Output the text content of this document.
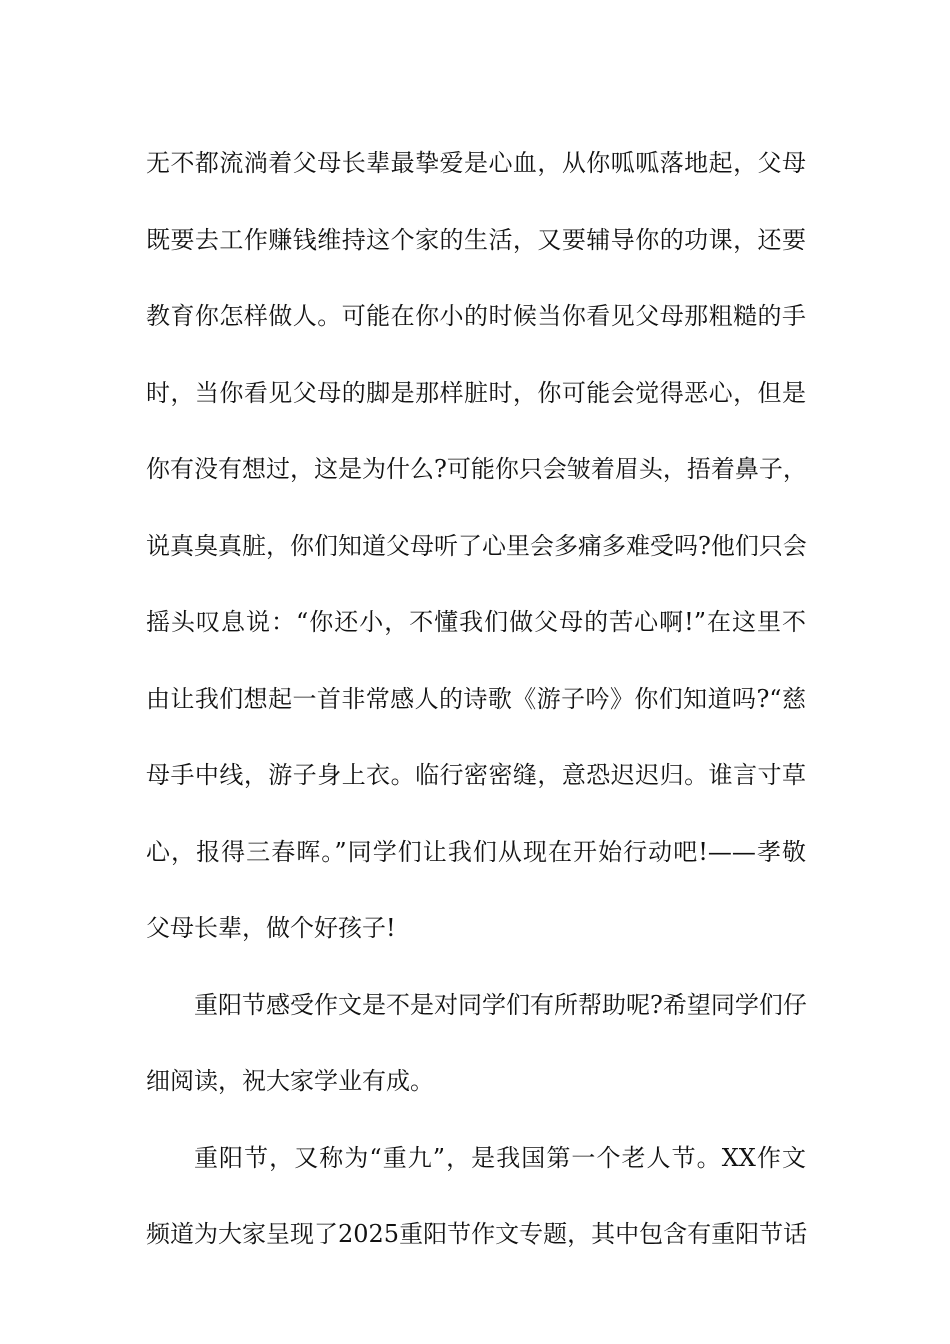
无不都流淌着父母长辈最挚爱是心血，从你呱呱落地起，父母
既要去工作赚钱维持这个家的生活，又要辅导你的功课，还要
教育你怎样做人。可能在你小的时候当你看见父母那粗糙的手
时，当你看见父母的脚是那样脏时，你可能会觉得恶心，但是
你有没有想过，这是为什么?可能你只会皱着眉头，捂着鼻子，
说真臭真脏，你们知道父母听了心里会多痛多难受吗?他们只会
摇头叹息说：“你还小，不懂我们做父母的苦心啊!”在这里不
由让我们想起一首非常感人的诗歌《游子吟》你们知道吗?“慈
母手中线，游子身上衣。临行密密缝，意恐迟迟归。谁言寸草
心，报得三春晖。”同学们让我们从现在开始行动吧!——孝敬
父母长辈，做个好孩子!
重阳节感受作文是不是对同学们有所帮助呢?希望同学们仔
细阅读，祝大家学业有成。
重阳节，又称为“重九”，是我国第一个老人节。XX作文
频道为大家呈现了2025重阳节作文专题，其中包含有重阳节话
